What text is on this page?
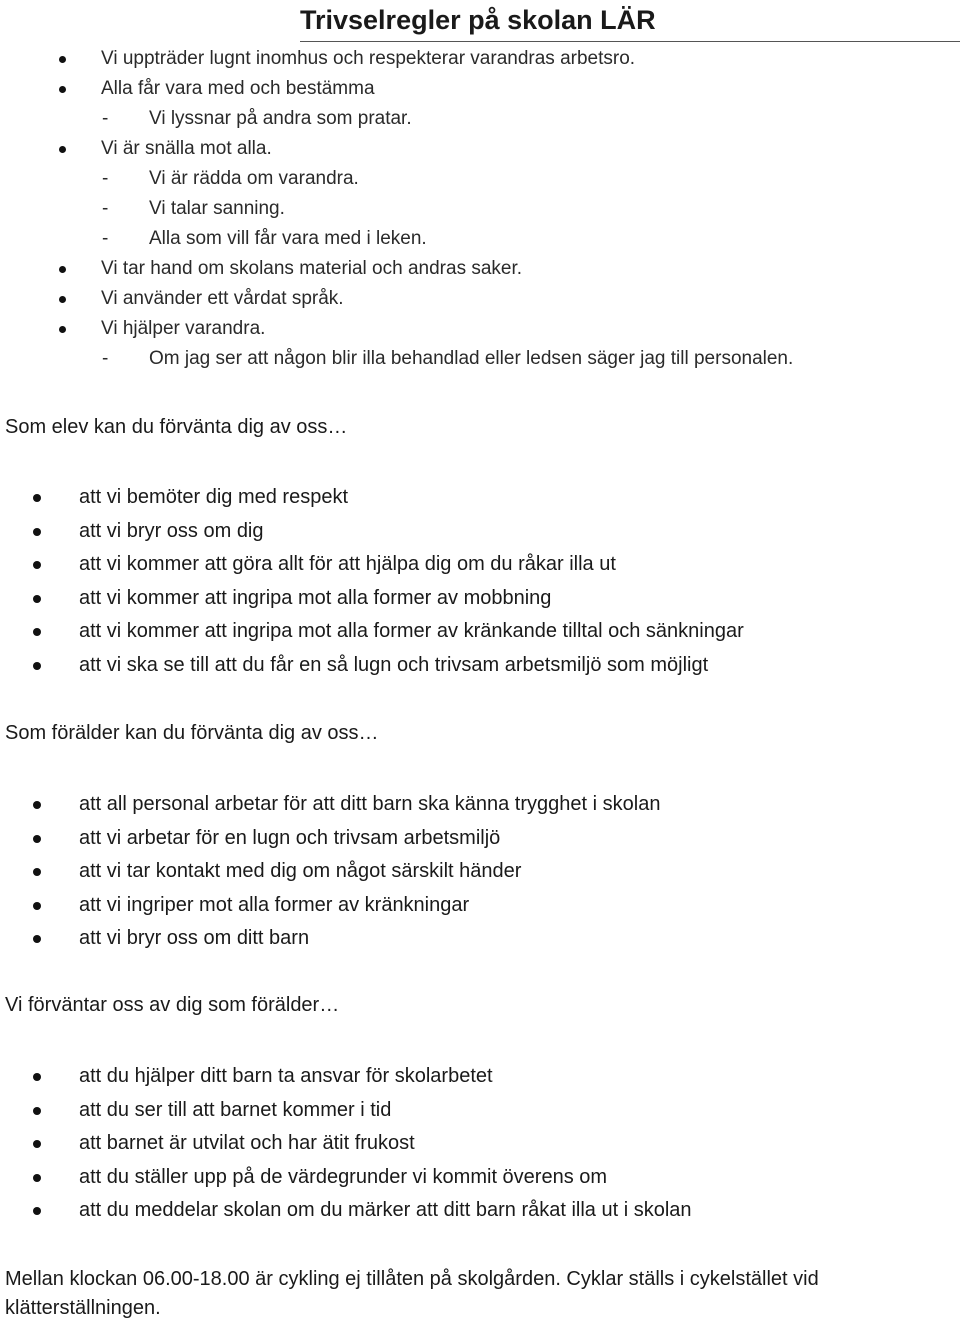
Trivselregler på skolan LÄR
Vi uppträder lugnt inomhus och respekterar varandras arbetsro.
Alla får vara med och bestämma
- Vi lyssnar på andra som pratar.
Vi är snälla mot alla.
- Vi är rädda om varandra.
- Vi talar sanning.
- Alla som vill får vara med i leken.
Vi tar hand om skolans material och andras saker.
Vi använder ett vårdat språk.
Vi hjälper varandra.
- Om jag ser att någon blir illa behandlad eller ledsen säger jag till personalen.
Som elev kan du förvänta dig av oss…
att vi bemöter dig med respekt
att vi bryr oss om dig
att vi kommer att göra allt för att hjälpa dig om du råkar illa ut
att vi kommer att ingripa mot alla former av mobbning
att vi kommer att ingripa mot alla former av kränkande tilltal och sänkningar
att vi ska se till att du får en så lugn och trivsam arbetsmiljö som möjligt
Som förälder kan du förvänta dig av oss…
att all personal arbetar för att ditt barn ska känna trygghet i skolan
att vi arbetar för en lugn och trivsam arbetsmiljö
att vi tar kontakt med dig om något särskilt händer
att vi ingriper mot alla former av kränkningar
att vi bryr oss om ditt barn
Vi förväntar oss av dig som förälder…
att du hjälper ditt barn ta ansvar för skolarbetet
att du ser till att barnet kommer i tid
att barnet är utvilat och har ätit frukost
att du ställer upp på de värdegrunder vi kommit överens om
att du meddelar skolan om du märker att ditt barn råkat illa ut i skolan
Mellan klockan 06.00-18.00 är cykling ej tillåten på skolgården. Cyklar ställs i cykelstället vid klätterställningen.
